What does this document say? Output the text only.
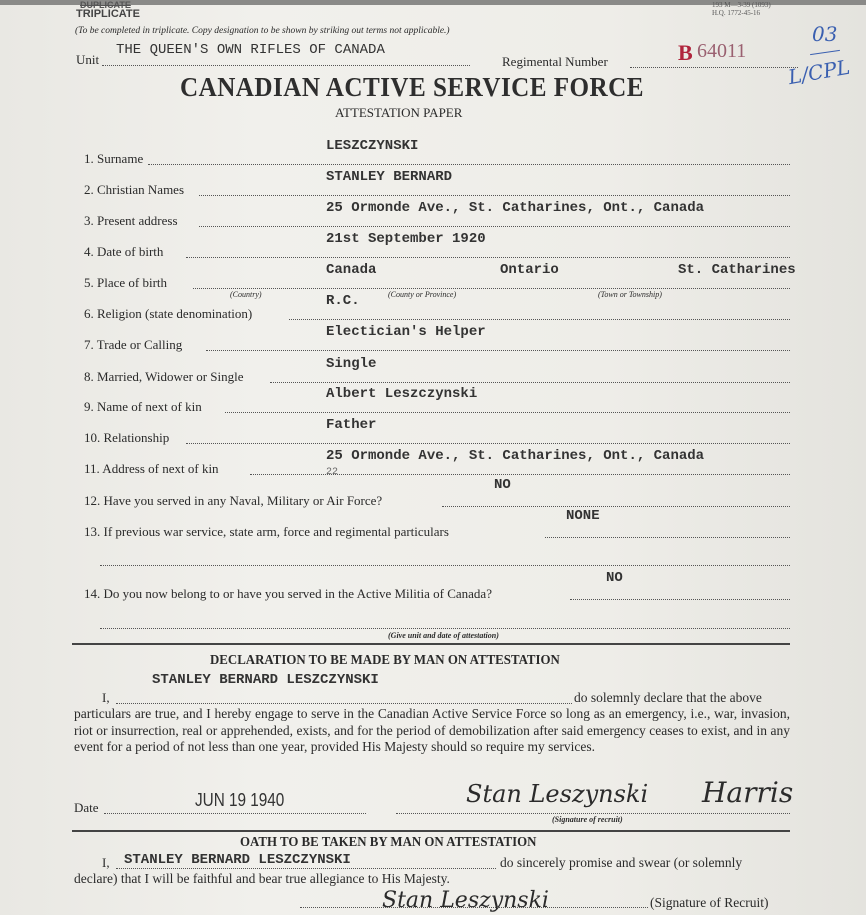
DUPLICATE
TRIPLICATE
193 M—3-39 (1093)
H.Q. 1772-45-16
(To be completed in triplicate. Copy designation to be shown by striking out terms not applicable.)
Unit
THE QUEEN'S OWN RIFLES OF CANADA
Regimental Number	B 64011
03
L/CPL
CANADIAN ACTIVE SERVICE FORCE
ATTESTATION PAPER
1. Surname
LESZCZYNSKI
2. Christian Names
STANLEY BERNARD
3. Present address
25 Ormonde Ave., St. Catharines, Ont., Canada
4. Date of birth
21st September 1920
5. Place of birth
Canada	Ontario	St. Catharines
6. Religion (state denomination)
R.C.
7. Trade or Calling
Electician's Helper
8. Married, Widower or Single
Single
9. Name of next of kin
Albert Leszczynski
10. Relationship
Father
11. Address of next of kin
25 Ormonde Ave., St. Catharines, Ont., Canada
12. Have you served in any Naval, Military or Air Force?
NO
13. If previous war service, state arm, force and regimental particulars
NONE
14. Do you now belong to or have you served in the Active Militia of Canada?
NO
(Country)	(County or Province)	(Town or Township)
22
(Give unit and date of attestation)
DECLARATION TO BE MADE BY MAN ON ATTESTATION
STANLEY BERNARD LESZCZYNSKI
I,	do solemnly declare that the above
particulars are true, and I hereby engage to serve in the Canadian Active Service Force so long as an emergency, i.e., war, invasion, riot or insurrection, real or apprehended, exists, and for the period of demobilization after said emergency ceases to exist, and in any event for a period of not less than one year, provided His Majesty should so require my services.
JUN 19 1940
Date	Stan Leszynski Harris
(Signature of recruit)
OATH TO BE TAKEN BY MAN ON ATTESTATION
I, STANLEY BERNARD LESZCZYNSKI	do sincerely promise and swear (or solemnly
declare) that I will be faithful and bear true allegiance to His Majesty.
Stan Leszynski	(Signature of Recruit)
